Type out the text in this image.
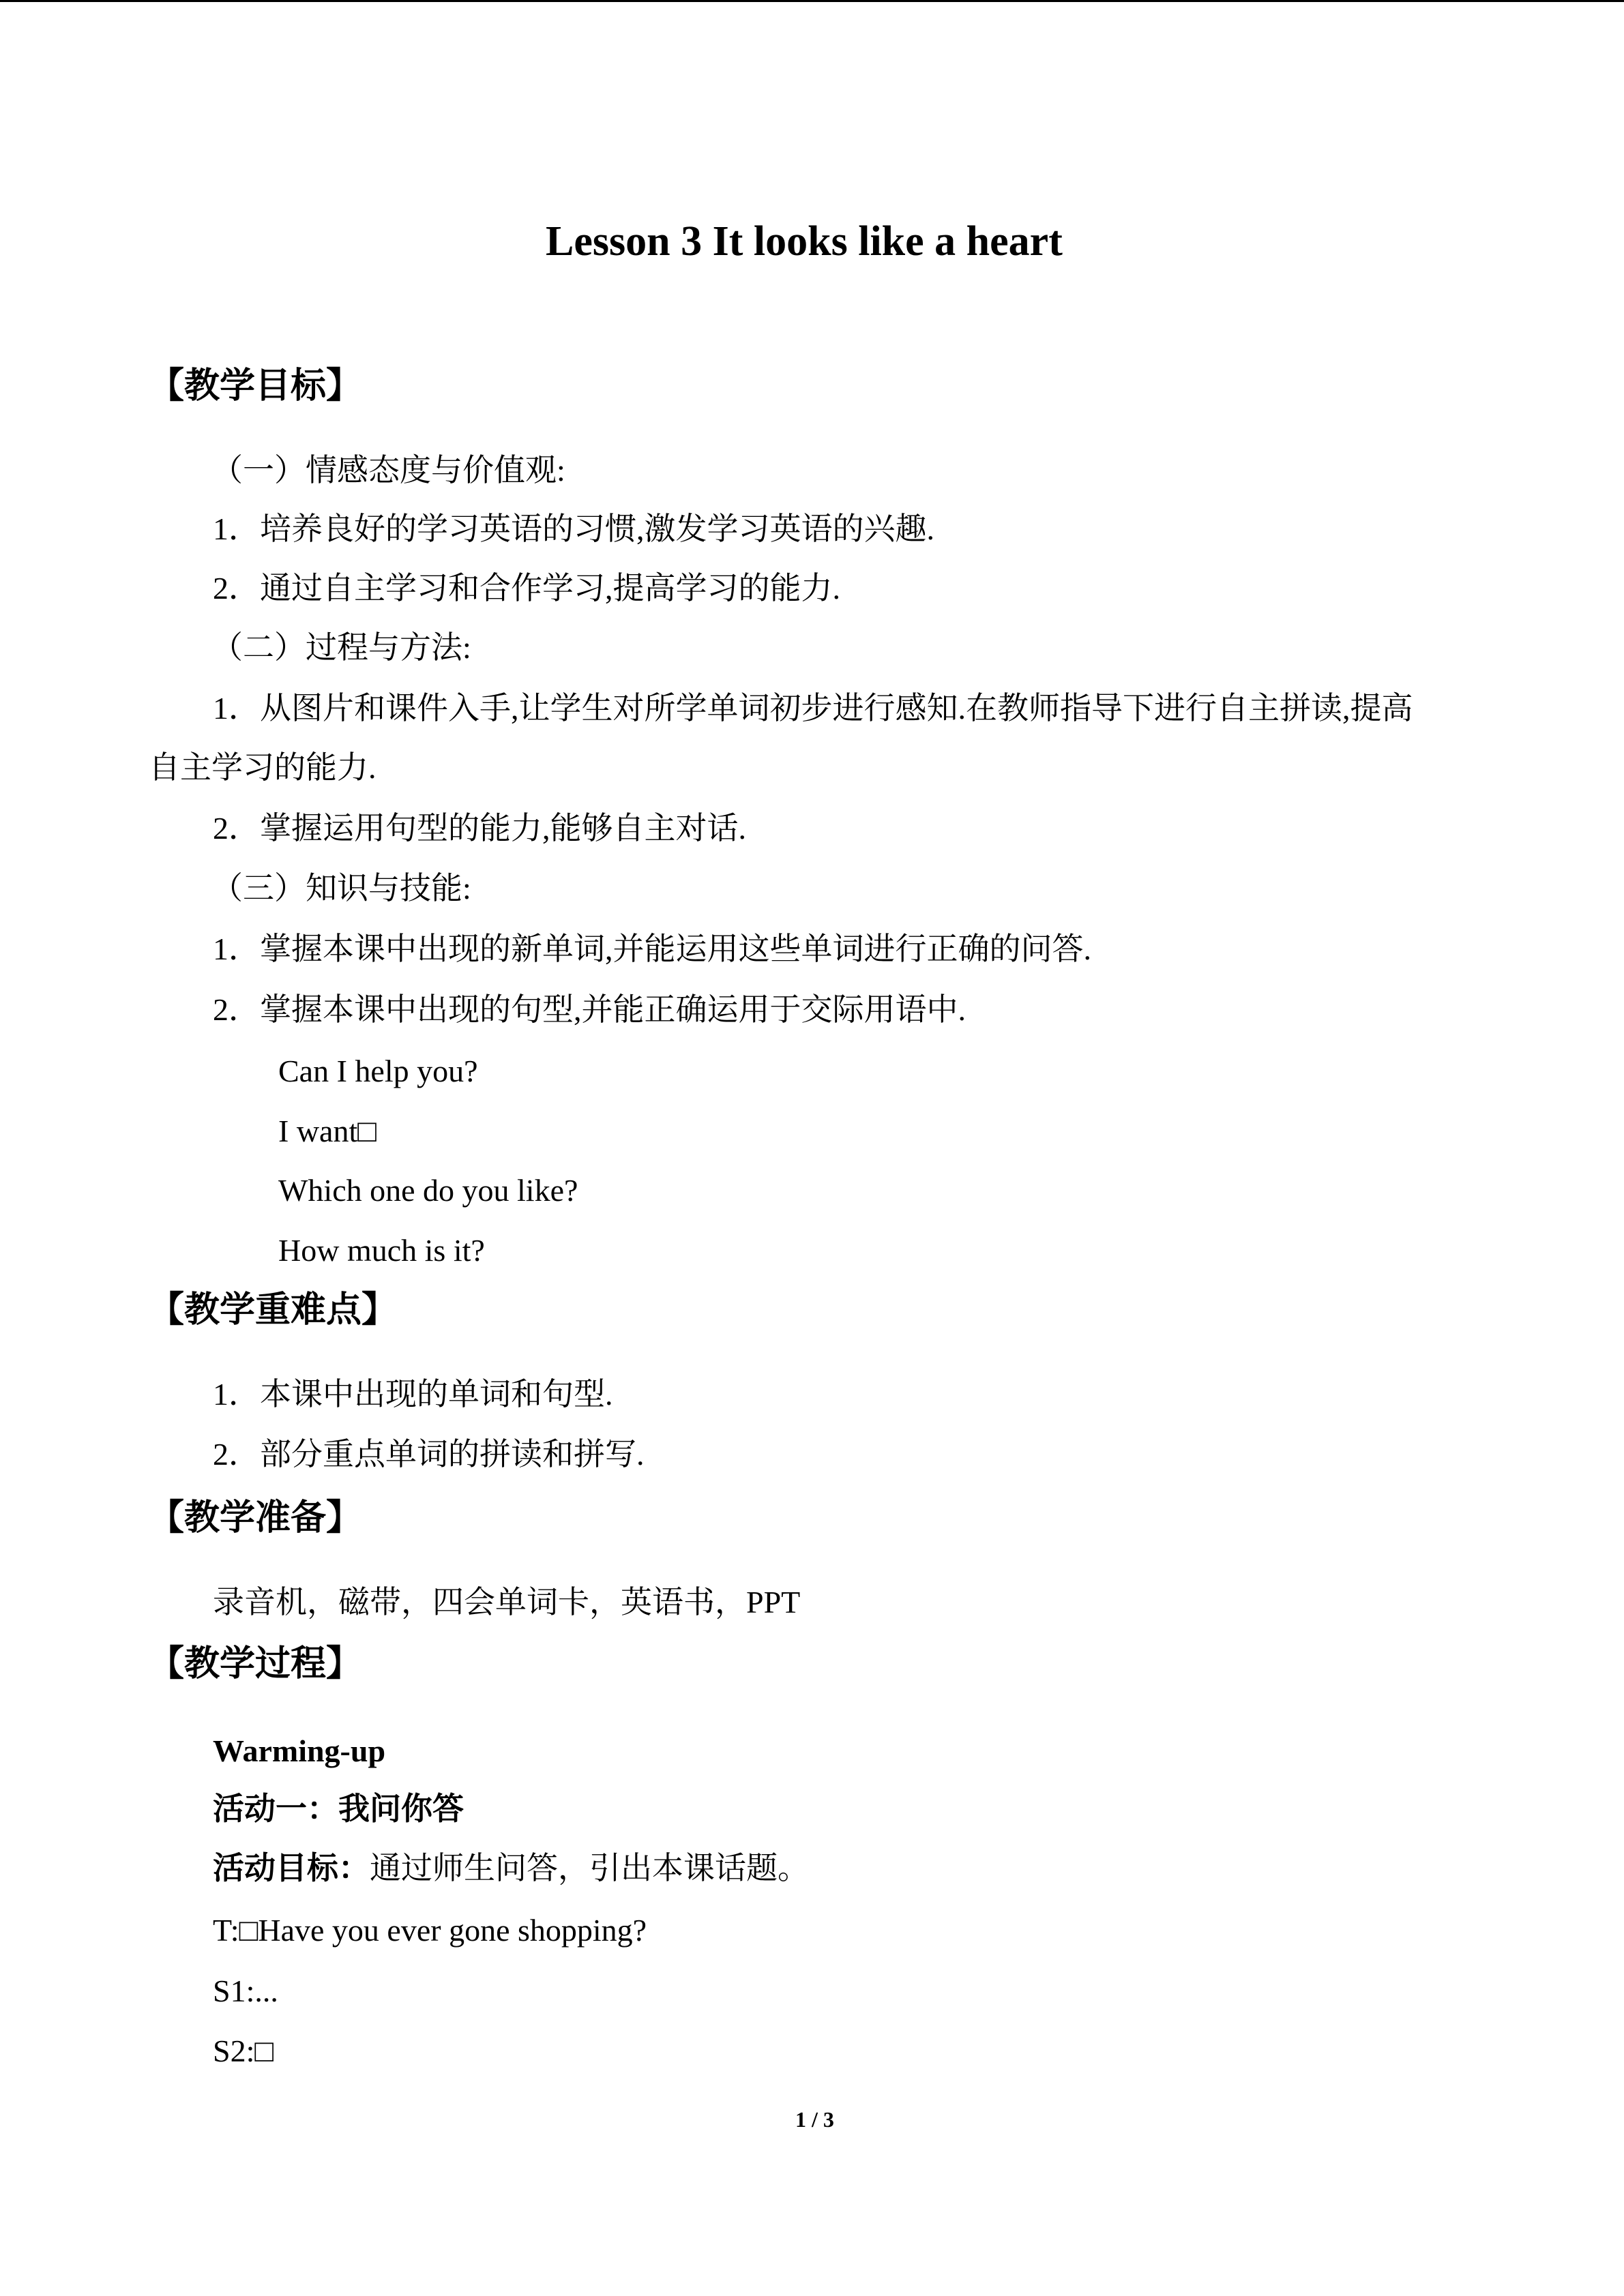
Lesson 3 It looks like a heart
【教学目标】
（一）情感态度与价值观:
1．培养良好的学习英语的习惯,激发学习英语的兴趣.
2．通过自主学习和合作学习,提高学习的能力.
（二）过程与方法:
1．从图片和课件入手,让学生对所学单词初步进行感知.在教师指导下进行自主拼读,提高
自主学习的能力.
2．掌握运用句型的能力,能够自主对话.
（三）知识与技能:
1．掌握本课中出现的新单词,并能运用这些单词进行正确的问答.
2．掌握本课中出现的句型,并能正确运用于交际用语中.
Can I help you?
I want□
Which one do you like?
How much is it?
【教学重难点】
1．本课中出现的单词和句型.
2．部分重点单词的拼读和拼写.
【教学准备】
录音机，磁带，四会单词卡，英语书，PPT
【教学过程】
Warming-up
活动一：我问你答
活动目标：通过师生问答，引出本课话题。
T:□Have you ever gone shopping?
S1:...
S2:□
1 / 3
